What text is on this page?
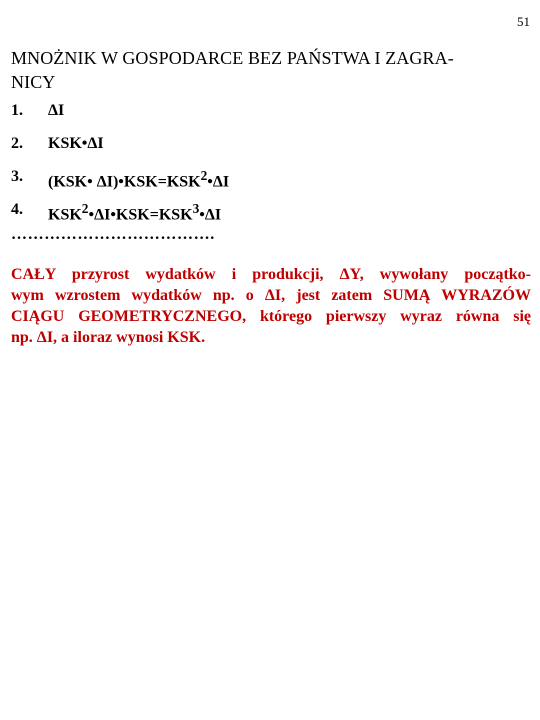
51
MNOŻNIK W GOSPODARCE BEZ PAŃSTWA I ZAGRA-
NICY
1. ΔI
2. KSK•ΔI
3. (KSK• $\Delta I)•KSK=KSK^2•\Delta I$
4. $KSK^2•\Delta I•KSK=KSK^3•\Delta I$
……………………………….

CAŁY przyrost wydatków i produkcji, ΔY, wywołany początko-
wym wzrostem wydatków np. o ΔI, jest zatem SUMĄ WYRAZÓW
CIĄGU GEOMETRYCZNEGO, którego pierwszy wyraz równa się
np. ΔI, a iloraz wynosi KSK.
